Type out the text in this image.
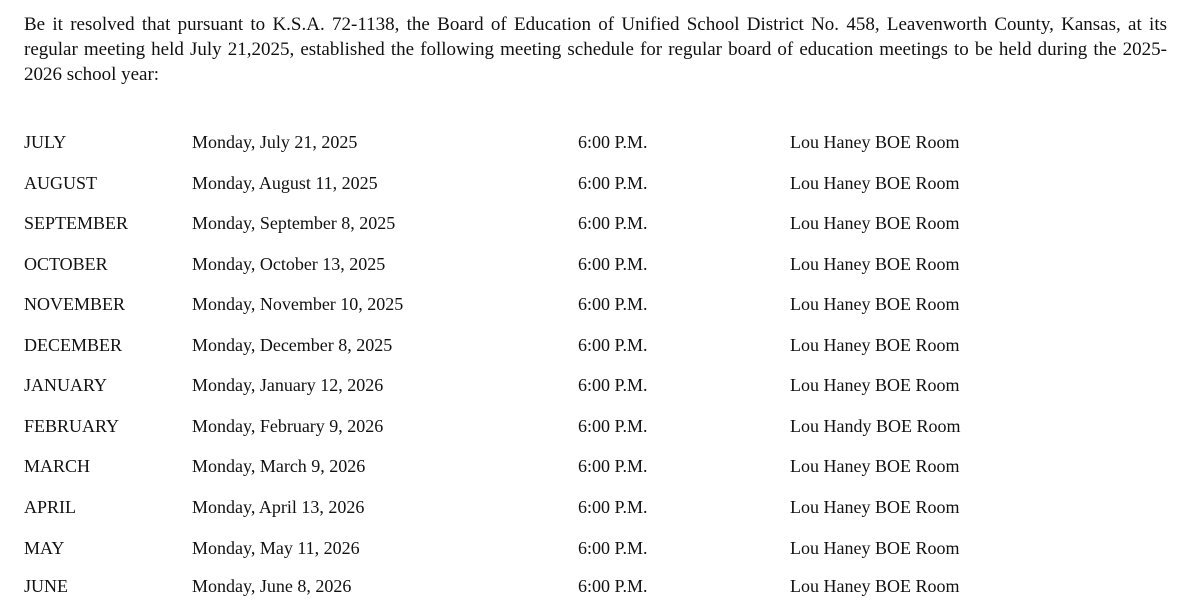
Be it resolved that pursuant to K.S.A. 72-1138, the Board of Education of Unified School District No. 458, Leavenworth County, Kansas, at its regular meeting held July 21,2025, established the following meeting schedule for regular board of education meetings to be held during the 2025-2026 school year:

JULY	Monday, July 21, 2025	6:00 P.M.	Lou Haney BOE Room
AUGUST	Monday, August 11, 2025	6:00 P.M.	Lou Haney BOE Room
SEPTEMBER	Monday, September 8, 2025	6:00 P.M.	Lou Haney BOE Room
OCTOBER	Monday, October 13, 2025	6:00 P.M.	Lou Haney BOE Room
NOVEMBER	Monday, November 10, 2025	6:00 P.M.	Lou Haney BOE Room
DECEMBER	Monday, December 8, 2025	6:00 P.M.	Lou Haney BOE Room
JANUARY	Monday, January 12, 2026	6:00 P.M.	Lou Haney BOE Room
FEBRUARY	Monday, February 9, 2026	6:00 P.M.	Lou Handy BOE Room
MARCH	Monday, March 9, 2026	6:00 P.M.	Lou Haney BOE Room
APRIL	Monday, April 13, 2026	6:00 P.M.	Lou Haney BOE Room
MAY	Monday, May 11, 2026	6:00 P.M.	Lou Haney BOE Room
JUNE	Monday, June 8, 2026	6:00 P.M.	Lou Haney BOE Room
